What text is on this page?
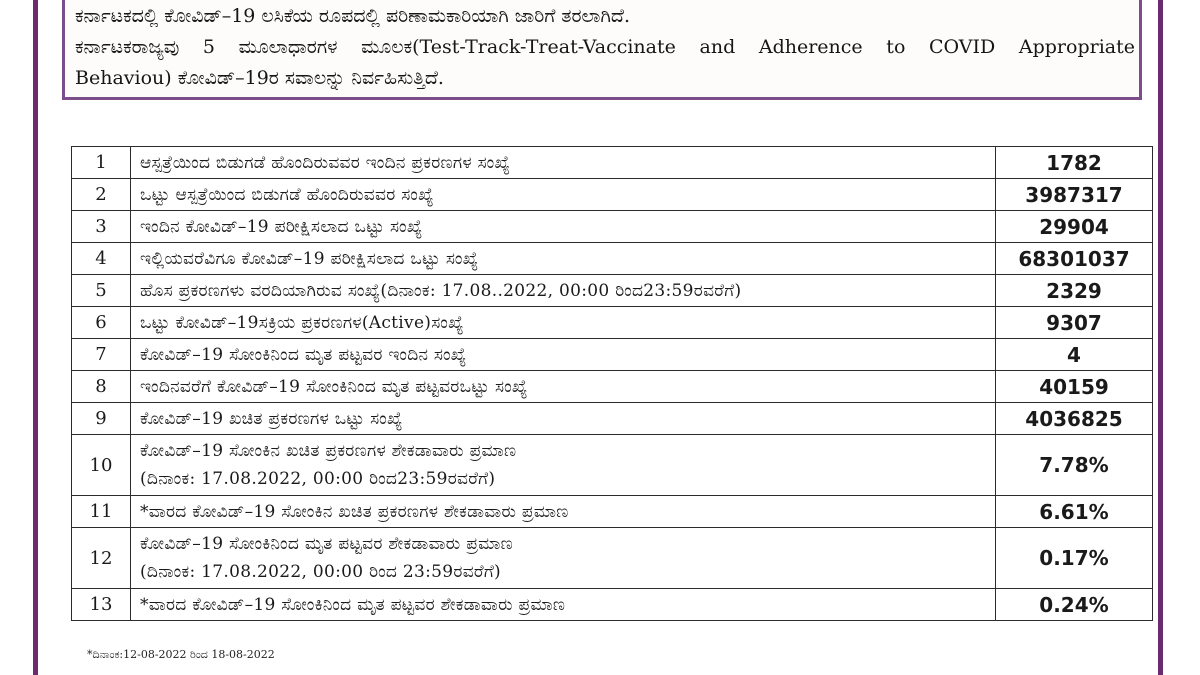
ಕರ್ನಾಟಕದಲ್ಲಿ ಕೋವಿಡ್–19 ಲಸಿಕೆಯ ರೂಪದಲ್ಲಿ ಪರಿಣಾಮಕಾರಿಯಾಗಿ ಜಾರಿಗೆ ತರಲಾಗಿದೆ.
ಕರ್ನಾಟಕರಾಜ್ಯವು 5 ಮೂಲಾಧಾರಗಳ ಮೂಲಕ(Test-Track-Treat-Vaccinate and Adherence to COVID Appropriate
Behaviou) ಕೋವಿಡ್–19ರ ಸವಾಲನ್ನು ನಿರ್ವಹಿಸುತ್ತಿದೆ.
1	ಆಸ್ಪತ್ರೆಯಿಂದ ಬಿಡುಗಡೆ ಹೊಂದಿರುವವರ ಇಂದಿನ ಪ್ರಕರಣಗಳ ಸಂಖ್ಯೆ	1782
2	ಒಟ್ಟು ಆಸ್ಪತ್ರೆಯಿಂದ ಬಿಡುಗಡೆ ಹೊಂದಿರುವವರ ಸಂಖ್ಯೆ	3987317
3	ಇಂದಿನ ಕೋವಿಡ್–19 ಪರೀಕ್ಷಿಸಲಾದ ಒಟ್ಟು ಸಂಖ್ಯೆ	29904
4	ಇಲ್ಲಿಯವರೆವಿಗೂ ಕೋವಿಡ್–19 ಪರೀಕ್ಷಿಸಲಾದ ಒಟ್ಟು ಸಂಖ್ಯೆ	68301037
5	ಹೊಸ ಪ್ರಕರಣಗಳು ವರದಿಯಾಗಿರುವ ಸಂಖ್ಯೆ(ದಿನಾಂಕ: 17.08..2022, 00:00 ರಿಂದ23:59ರವರೆಗೆ)	2329
6	ಒಟ್ಟು ಕೋವಿಡ್–19ಸಕ್ರಿಯ ಪ್ರಕರಣಗಳ(Active)ಸಂಖ್ಯೆ	9307
7	ಕೋವಿಡ್–19 ಸೋಂಕಿನಿಂದ ಮೃತ ಪಟ್ಟವರ ಇಂದಿನ ಸಂಖ್ಯೆ	4
8	ಇಂದಿನವರೆಗೆ ಕೋವಿಡ್–19 ಸೋಂಕಿನಿಂದ ಮೃತ ಪಟ್ಟವರಒಟ್ಟು ಸಂಖ್ಯೆ	40159
9	ಕೋವಿಡ್–19 ಖಚಿತ ಪ್ರಕರಣಗಳ ಒಟ್ಟು ಸಂಖ್ಯೆ	4036825
10	ಕೋವಿಡ್–19 ಸೋಂಕಿನ ಖಚಿತ ಪ್ರಕರಣಗಳ ಶೇಕಡಾವಾರು ಪ್ರಮಾಣ
(ದಿನಾಂಕ: 17.08.2022, 00:00 ರಿಂದ23:59ರವರೆಗೆ)	7.78%
11	*ವಾರದ ಕೋವಿಡ್–19 ಸೋಂಕಿನ ಖಚಿತ ಪ್ರಕರಣಗಳ ಶೇಕಡಾವಾರು ಪ್ರಮಾಣ	6.61%
12	ಕೋವಿಡ್–19 ಸೋಂಕಿನಿಂದ ಮೃತ ಪಟ್ಟವರ ಶೇಕಡಾವಾರು ಪ್ರಮಾಣ
(ದಿನಾಂಕ: 17.08.2022, 00:00 ರಿಂದ 23:59ರವರೆಗೆ)	0.17%
13	*ವಾರದ ಕೋವಿಡ್–19 ಸೋಂಕಿನಿಂದ ಮೃತ ಪಟ್ಟವರ ಶೇಕಡಾವಾರು ಪ್ರಮಾಣ	0.24%
*ದಿನಾಂಕ:12-08-2022 ರಿಂದ 18-08-2022
